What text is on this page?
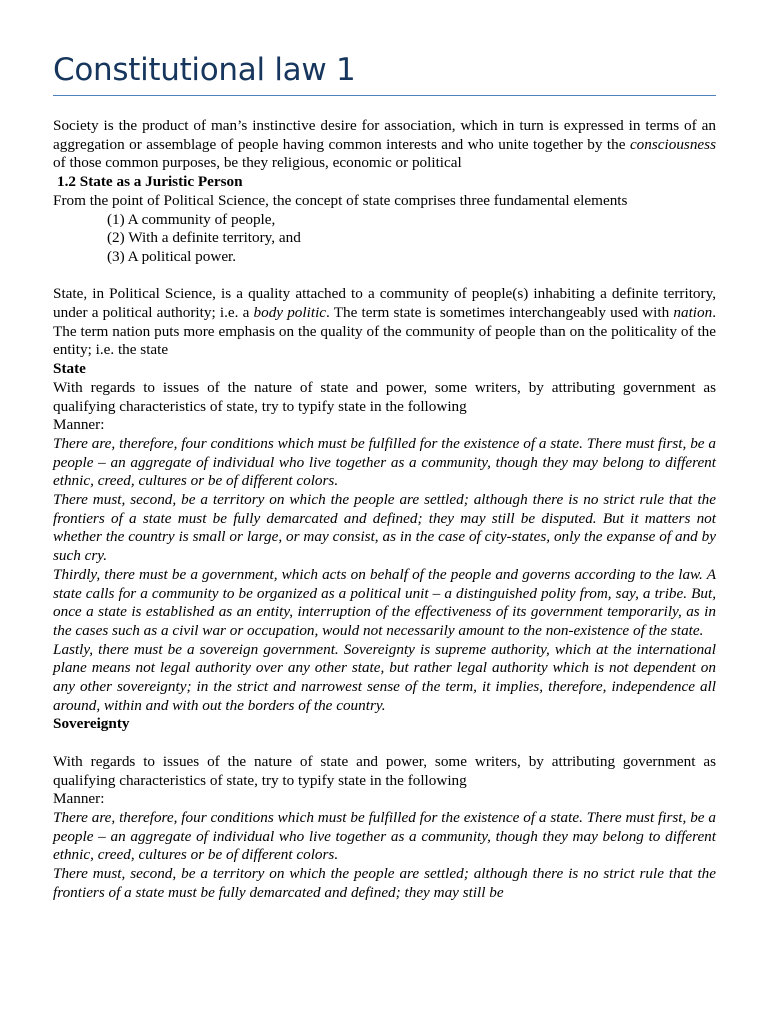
Constitutional law 1

Society is the product of man’s instinctive desire for association, which in turn is expressed in terms of an aggregation or assemblage of people having common interests and who unite together by the consciousness of those common purposes, be they religious, economic or political

1.2 State as a Juristic Person

From the point of Political Science, the concept of state comprises three fundamental elements

(1) A community of people,
(2) With a definite territory, and
(3) A political power.

State, in Political Science, is a quality attached to a community of people(s) inhabiting a definite territory, under a political authority; i.e. a body politic. The term state is sometimes interchangeably used with nation. The term nation puts more emphasis on the quality of the community of people than on the politicality of the entity; i.e. the state

State

With regards to issues of the nature of state and power, some writers, by attributing government as qualifying characteristics of state, try to typify state in the following

Manner:

There are, therefore, four conditions which must be fulfilled for the existence of a state. There must first, be a people – an aggregate of individual who live together as a community, though they may belong to different ethnic, creed, cultures or be of different colors.

There must, second, be a territory on which the people are settled; although there is no strict rule that the frontiers of a state must be fully demarcated and defined; they may still be disputed. But it matters not whether the country is small or large, or may consist, as in the case of city-states, only the expanse of and by such cry.

Thirdly, there must be a government, which acts on behalf of the people and governs according to the law. A state calls for a community to be organized as a political unit – a distinguished polity from, say, a tribe. But, once a state is established as an entity, interruption of the effectiveness of its government temporarily, as in the cases such as a civil war or occupation, would not necessarily amount to the non-existence of the state.

Lastly, there must be a sovereign government. Sovereignty is supreme authority, which at the international plane means not legal authority over any other state, but rather legal authority which is not dependent on any other sovereignty; in the strict and narrowest sense of the term, it implies, therefore, independence all around, within and with out the borders of the country.

Sovereignty

With regards to issues of the nature of state and power, some writers, by attributing government as qualifying characteristics of state, try to typify state in the following

Manner:

There are, therefore, four conditions which must be fulfilled for the existence of a state. There must first, be a people – an aggregate of individual who live together as a community, though they may belong to different ethnic, creed, cultures or be of different colors.

There must, second, be a territory on which the people are settled; although there is no strict rule that the frontiers of a state must be fully demarcated and defined; they may still be
